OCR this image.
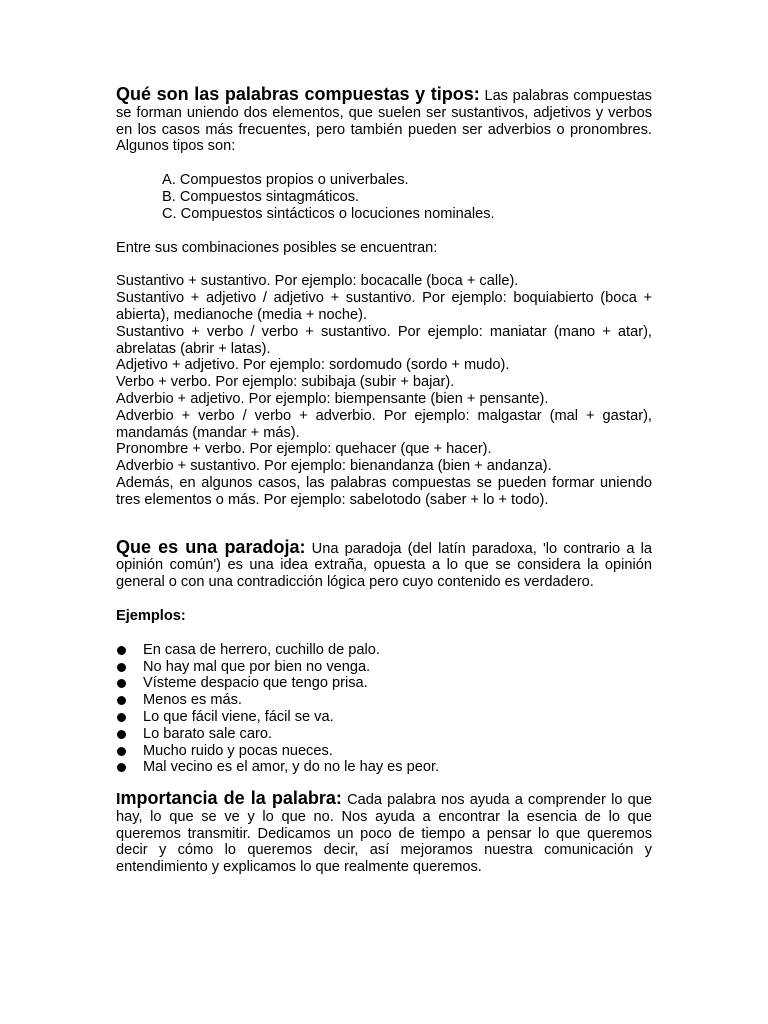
Qué son las palabras compuestas y tipos: Las palabras compuestas se forman uniendo dos elementos, que suelen ser sustantivos, adjetivos y verbos en los casos más frecuentes, pero también pueden ser adverbios o pronombres. Algunos tipos son:

A. Compuestos propios o univerbales.
B. Compuestos sintagmáticos.
C. Compuestos sintácticos o locuciones nominales.

Entre sus combinaciones posibles se encuentran:

Sustantivo + sustantivo. Por ejemplo: bocacalle (boca + calle).

Sustantivo + adjetivo / adjetivo + sustantivo. Por ejemplo: boquiabierto (boca + abierta), medianoche (media + noche).

Sustantivo + verbo / verbo + sustantivo. Por ejemplo: maniatar (mano + atar), abrelatas (abrir + latas).

Adjetivo + adjetivo. Por ejemplo: sordomudo (sordo + mudo).

Verbo + verbo. Por ejemplo: subibaja (subir + bajar).

Adverbio + adjetivo. Por ejemplo: biempensante (bien + pensante).

Adverbio + verbo / verbo + adverbio. Por ejemplo: malgastar (mal + gastar), mandamás (mandar + más).

Pronombre + verbo. Por ejemplo: quehacer (que + hacer).

Adverbio + sustantivo. Por ejemplo: bienandanza (bien + andanza).

Además, en algunos casos, las palabras compuestas se pueden formar uniendo tres elementos o más. Por ejemplo: sabelotodo (saber + lo + todo).

Que es una paradoja: Una paradoja (del latín paradoxa, 'lo contrario a la opinión común') es una idea extraña, opuesta a lo que se considera la opinión general o con una contradicción lógica pero cuyo contenido es verdadero.

Ejemplos:

En casa de herrero, cuchillo de palo.
No hay mal que por bien no venga.
Vísteme despacio que tengo prisa.
Menos es más.
Lo que fácil viene, fácil se va.
Lo barato sale caro.
Mucho ruido y pocas nueces.
Mal vecino es el amor, y do no le hay es peor.

Importancia de la palabra: Cada palabra nos ayuda a comprender lo que hay, lo que se ve y lo que no. Nos ayuda a encontrar la esencia de lo que queremos transmitir. Dedicamos un poco de tiempo a pensar lo que queremos decir y cómo lo queremos decir, así mejoramos nuestra comunicación y entendimiento y explicamos lo que realmente queremos.
